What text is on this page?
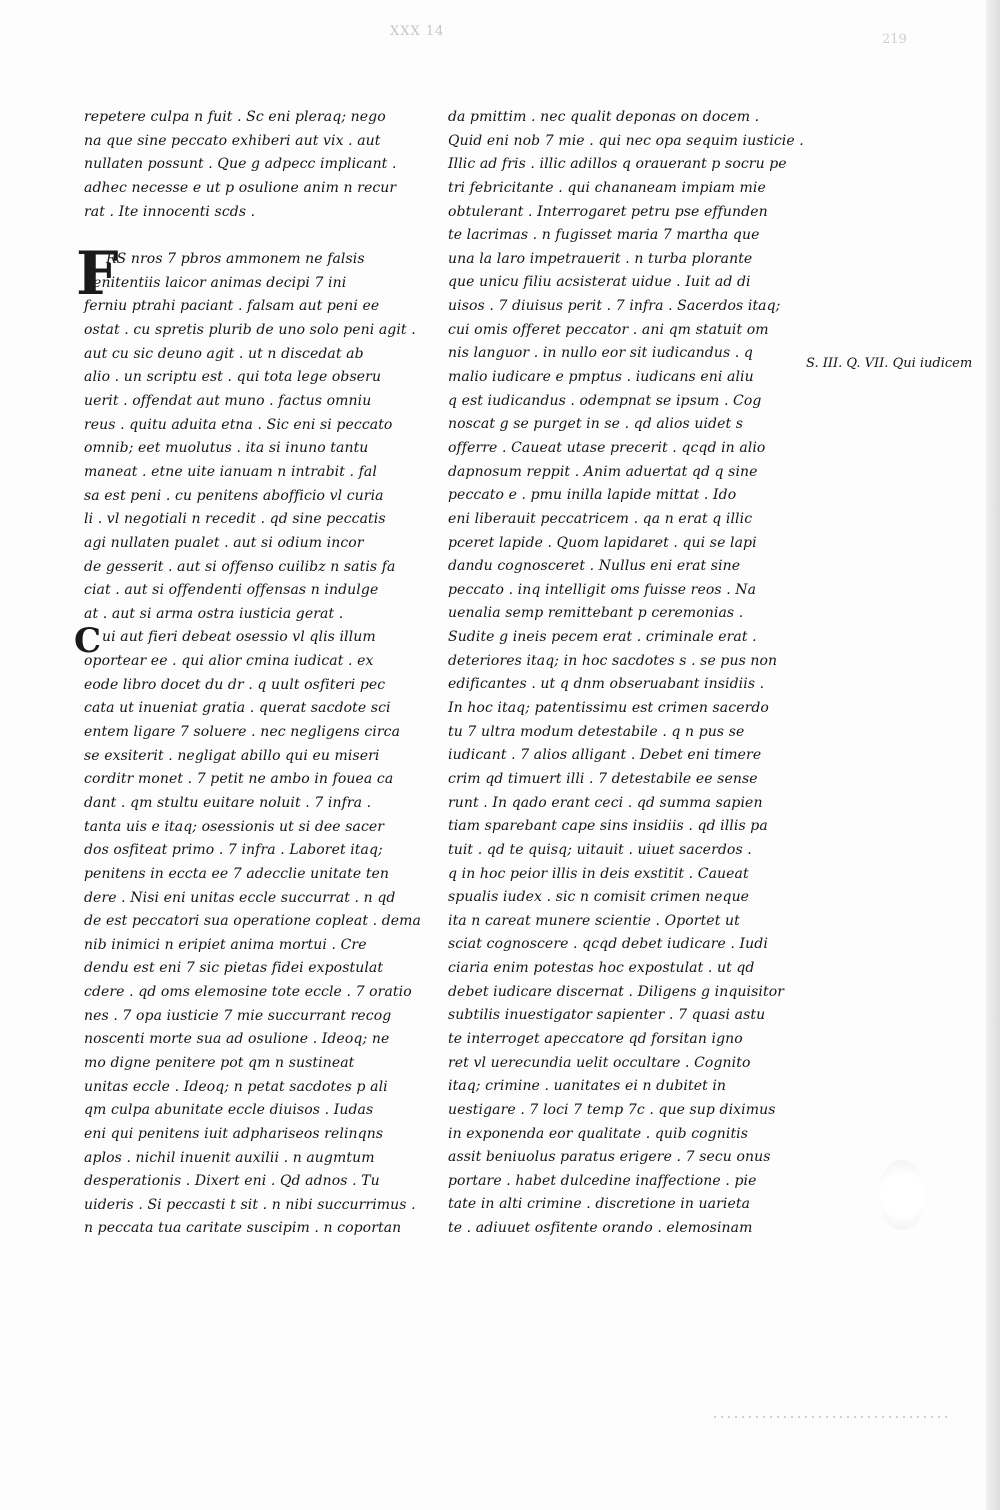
XXX 14
219
repetere culpa n fuit . Sc eni pleraq; nego
na que sine peccato exhiberi aut vix . aut
nullaten possunt . Que g adpecc implicant .
adhec necesse e ut p osulione anim n recur
rat . Ite innocenti scds .
F
RS nros 7 pbros ammonem ne falsis
penitentiis laicor animas decipi 7 ini
ferniu ptrahi paciant . falsam aut peni ee
ostat . cu spretis plurib de uno solo peni agit .
aut cu sic deuno agit . ut n discedat ab
alio . un scriptu est . qui tota lege obseru
uerit . offendat aut muno . factus omniu
reus . quitu aduita etna . Sic eni si peccato
omnib; eet muolutus . ita si inuno tantu
maneat . etne uite ianuam n intrabit . fal
sa est peni . cu penitens abofficio vl curia
li . vl negotiali n recedit . qd sine peccatis
agi nullaten pualet . aut si odium incor
de gesserit . aut si offenso cuilibz n satis fa
ciat . aut si offendenti offensas n indulge
at . aut si arma ostra iusticia gerat .
C ui aut fieri debeat osessio vl qlis illum
oportear ee . qui alior cmina iudicat . ex
eode libro docet du dr . q uult osfiteri pec
cata ut inueniat gratia . querat sacdote sci
entem ligare 7 soluere . nec negligens circa
se exsiterit . negligat abillo qui eu miseri
corditr monet . 7 petit ne ambo in fouea ca
dant . qm stultu euitare noluit . 7 infra .
tanta uis e itaq; osessionis ut si dee sacer
dos osfiteat primo . 7 infra . Laboret itaq;
penitens in eccta ee 7 adecclie unitate ten
dere . Nisi eni unitas eccle succurrat . n qd
de est peccatori sua operatione copleat . dema
nib inimici n eripiet anima mortui . Cre
dendu est eni 7 sic pietas fidei expostulat
cdere . qd oms elemosine tote eccle . 7 oratio
nes . 7 opa iusticie 7 mie succurrant recog
noscenti morte sua ad osulione . Ideoq; ne
mo digne penitere pot qm n sustineat
unitas eccle . Ideoq; n petat sacdotes p ali
qm culpa abunitate eccle diuisos . Iudas
eni qui penitens iuit adphariseos relinqns
aplos . nichil inuenit auxilii . n augmtum
desperationis . Dixert eni . Qd adnos . Tu
uideris . Si peccasti t sit . n nibi succurrimus .
n peccata tua caritate suscipim . n coportan
da pmittim . nec qualit deponas on docem .
Quid eni nob 7 mie . qui nec opa sequim iusticie .
Illic ad fris . illic adillos q orauerant p socru pe
tri febricitante . qui chananeam impiam mie
obtulerant . Interrogaret petru pse effunden
te lacrimas . n fugisset maria 7 martha que
una la laro impetrauerit . n turba plorante
que unicu filiu acsisterat uidue . Iuit ad di
uisos . 7 diuisus perit . 7 infra . Sacerdos itaq;
cui omis offeret peccator . ani qm statuit om
nis languor . in nullo eor sit iudicandus . q
malio iudicare e pmptus . iudicans eni aliu
q est iudicandus . odempnat se ipsum . Cog
noscat g se purget in se . qd alios uidet s
offerre . Caueat utase precerit . qcqd in alio
dapnosum reppit . Anim aduertat qd q sine
peccato e . pmu inilla lapide mittat . Ido
eni liberauit peccatricem . qa n erat q illic
pceret lapide . Quom lapidaret . qui se lapi
dandu cognosceret . Nullus eni erat sine
peccato . inq intelligit oms fuisse reos . Na
uenalia semp remittebant p ceremonias .
Sudite g ineis pecem erat . criminale erat .
deteriores itaq; in hoc sacdotes s . se pus non
edificantes . ut q dnm obseruabant insidiis .
In hoc itaq; patentissimu est crimen sacerdo
tu 7 ultra modum detestabile . q n pus se
iudicant . 7 alios alligant . Debet eni timere
crim qd timuert illi . 7 detestabile ee sense
runt . In qado erant ceci . qd summa sapien
tiam sparebant cape sins insidiis . qd illis pa
tuit . qd te quisq; uitauit . uiuet sacerdos .
q in hoc peior illis in deis exstitit . Caueat
spualis iudex . sic n comisit crimen neque
ita n careat munere scientie . Oportet ut
sciat cognoscere . qcqd debet iudicare . Iudi
ciaria enim potestas hoc expostulat . ut qd
debet iudicare discernat . Diligens g inquisitor
subtilis inuestigator sapienter . 7 quasi astu
te interroget apeccatore qd forsitan igno
ret vl uerecundia uelit occultare . Cognito
itaq; crimine . uanitates ei n dubitet in
uestigare . 7 loci 7 temp 7c . que sup diximus
in exponenda eor qualitate . quib cognitis
assit beniuolus paratus erigere . 7 secu onus
portare . habet dulcedine inaffectione . pie
tate in alti crimine . discretione in uarieta
te . adiuuet osfitente orando . elemosinam
S. III. Q. VII. Qui iudicem
